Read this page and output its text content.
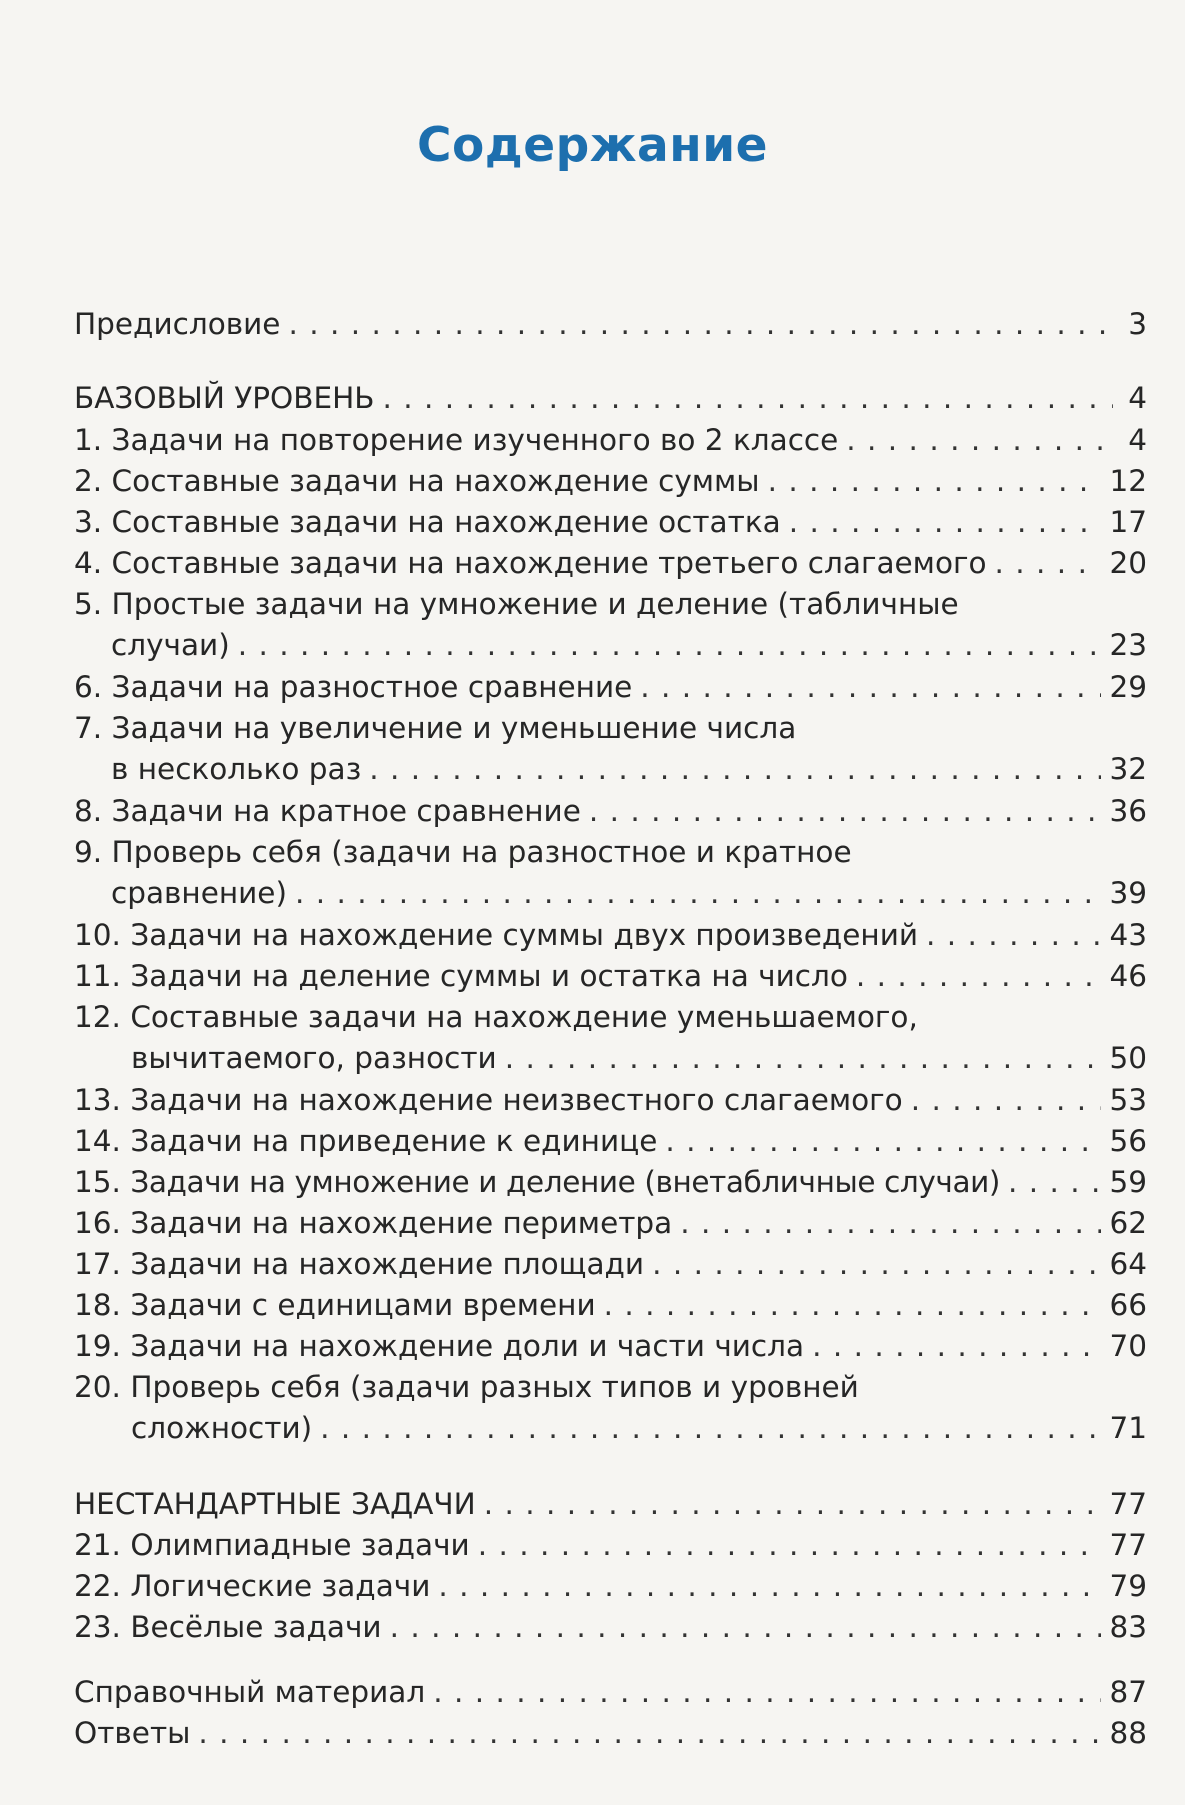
Содержание
Предисловие . . .	3
БАЗОВЫЙ УРОВЕНЬ . . .	4
1.
Задачи на повторение изученного во 2 классе . . .	4
2.
Составные задачи на нахождение суммы . . .	12
3.
Составные задачи на нахождение остатка . . .	17
4.
Составные задачи на нахождение третьего слагаемого . . .	20
5. Простые задачи на умножение и деление (табличные
случаи) . . .	23
6.
Задачи на разностное сравнение . . .	29
7. Задачи на увеличение и уменьшение числа
в несколько раз . . .	32
8.
Задачи на кратное сравнение . . .	36
9. Проверь себя (задачи на разностное и кратное
сравнение) . . .	39
10.
Задачи на нахождение суммы двух произведений . . .	43
11.
Задачи на деление суммы и остатка на число . . .	46
12. Составные задачи на нахождение уменьшаемого,
вычитаемого, разности . . .	50
13.
Задачи на нахождение неизвестного слагаемого . . .	53
14.
Задачи на приведение к единице . . .	56
15.
Задачи на умножение и деление (внетабличные случаи) . . .	59
16.
Задачи на нахождение периметра . . .	62
17.
Задачи на нахождение площади . . .	64
18.
Задачи с единицами времени . . .	66
19.
Задачи на нахождение доли и части числа . . .	70
20. Проверь себя (задачи разных типов и уровней
сложности) . . .	71
НЕСТАНДАРТНЫЕ ЗАДАЧИ . . .	77
21.
Олимпиадные задачи . . .	77
22.
Логические задачи . . .	79
23.
Весёлые задачи . . .	83
Справочный материал . . .	87
Ответы . . .	88
